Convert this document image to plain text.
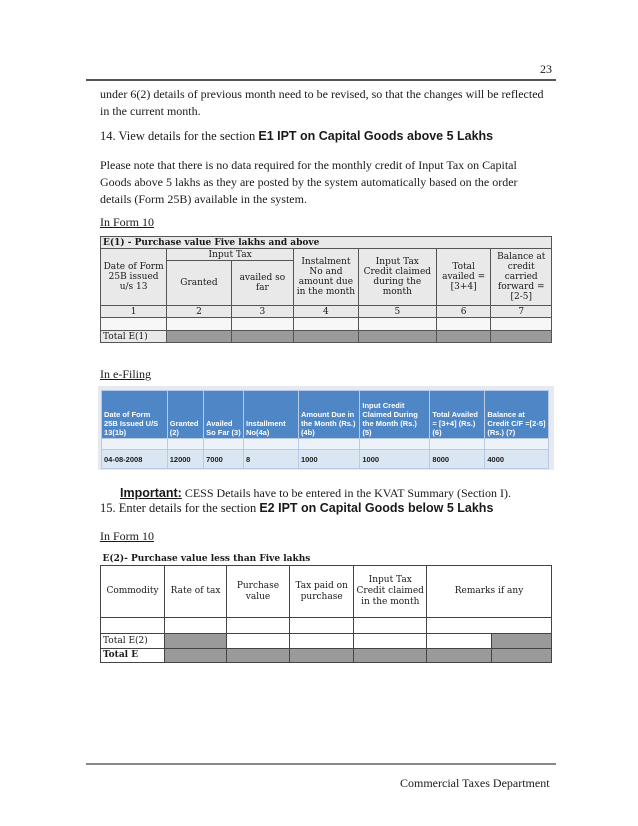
23
under 6(2) details of previous month need to be revised, so that the changes will be reflected in the current month.
14. View details for the section E1 IPT on Capital Goods above 5 Lakhs
Please note that there is no data required for the monthly credit of Input Tax on Capital Goods above 5 lakhs as they are posted by the system automatically based on the order details (Form 25B) available in the system.
In Form 10
E(1) - Purchase value Five lakhs and above						
Date of Form 25B issued u/s 13	Input Tax		Instalment No and amount due in the month	Input Tax Credit claimed during the month	Total availed = [3+4]	Balance at credit carried forward =[2-5]
	Granted	availed so far				
1	2	3	4	5	6	7

Total E(1)						
In e-Filing
Date of Form 25B Issued U/S 13(1b)	Granted (2)	Availed So Far (3)	Installment No(4a)	Amount Due in the Month (Rs.) (4b)	Input Credit Claimed During the Month (Rs.) (5)	Total Availed = [3+4] (Rs.) (6)	Balance at Credit C/F =[2-5](Rs.) (7)

04-08-2008	12000	7000	8	1000	1000	8000	4000
Important: CESS Details have to be entered in the KVAT Summary (Section I).
15. Enter details for the section E2 IPT on Capital Goods below 5 Lakhs
In Form 10
E(2)- Purchase value less than Five lakhs						
Commodity	Rate of tax	Purchase value	Tax paid on purchase	Input Tax Credit claimed in the month	Remarks if any	

Total E(2)						
Total E						
Commercial Taxes Department
